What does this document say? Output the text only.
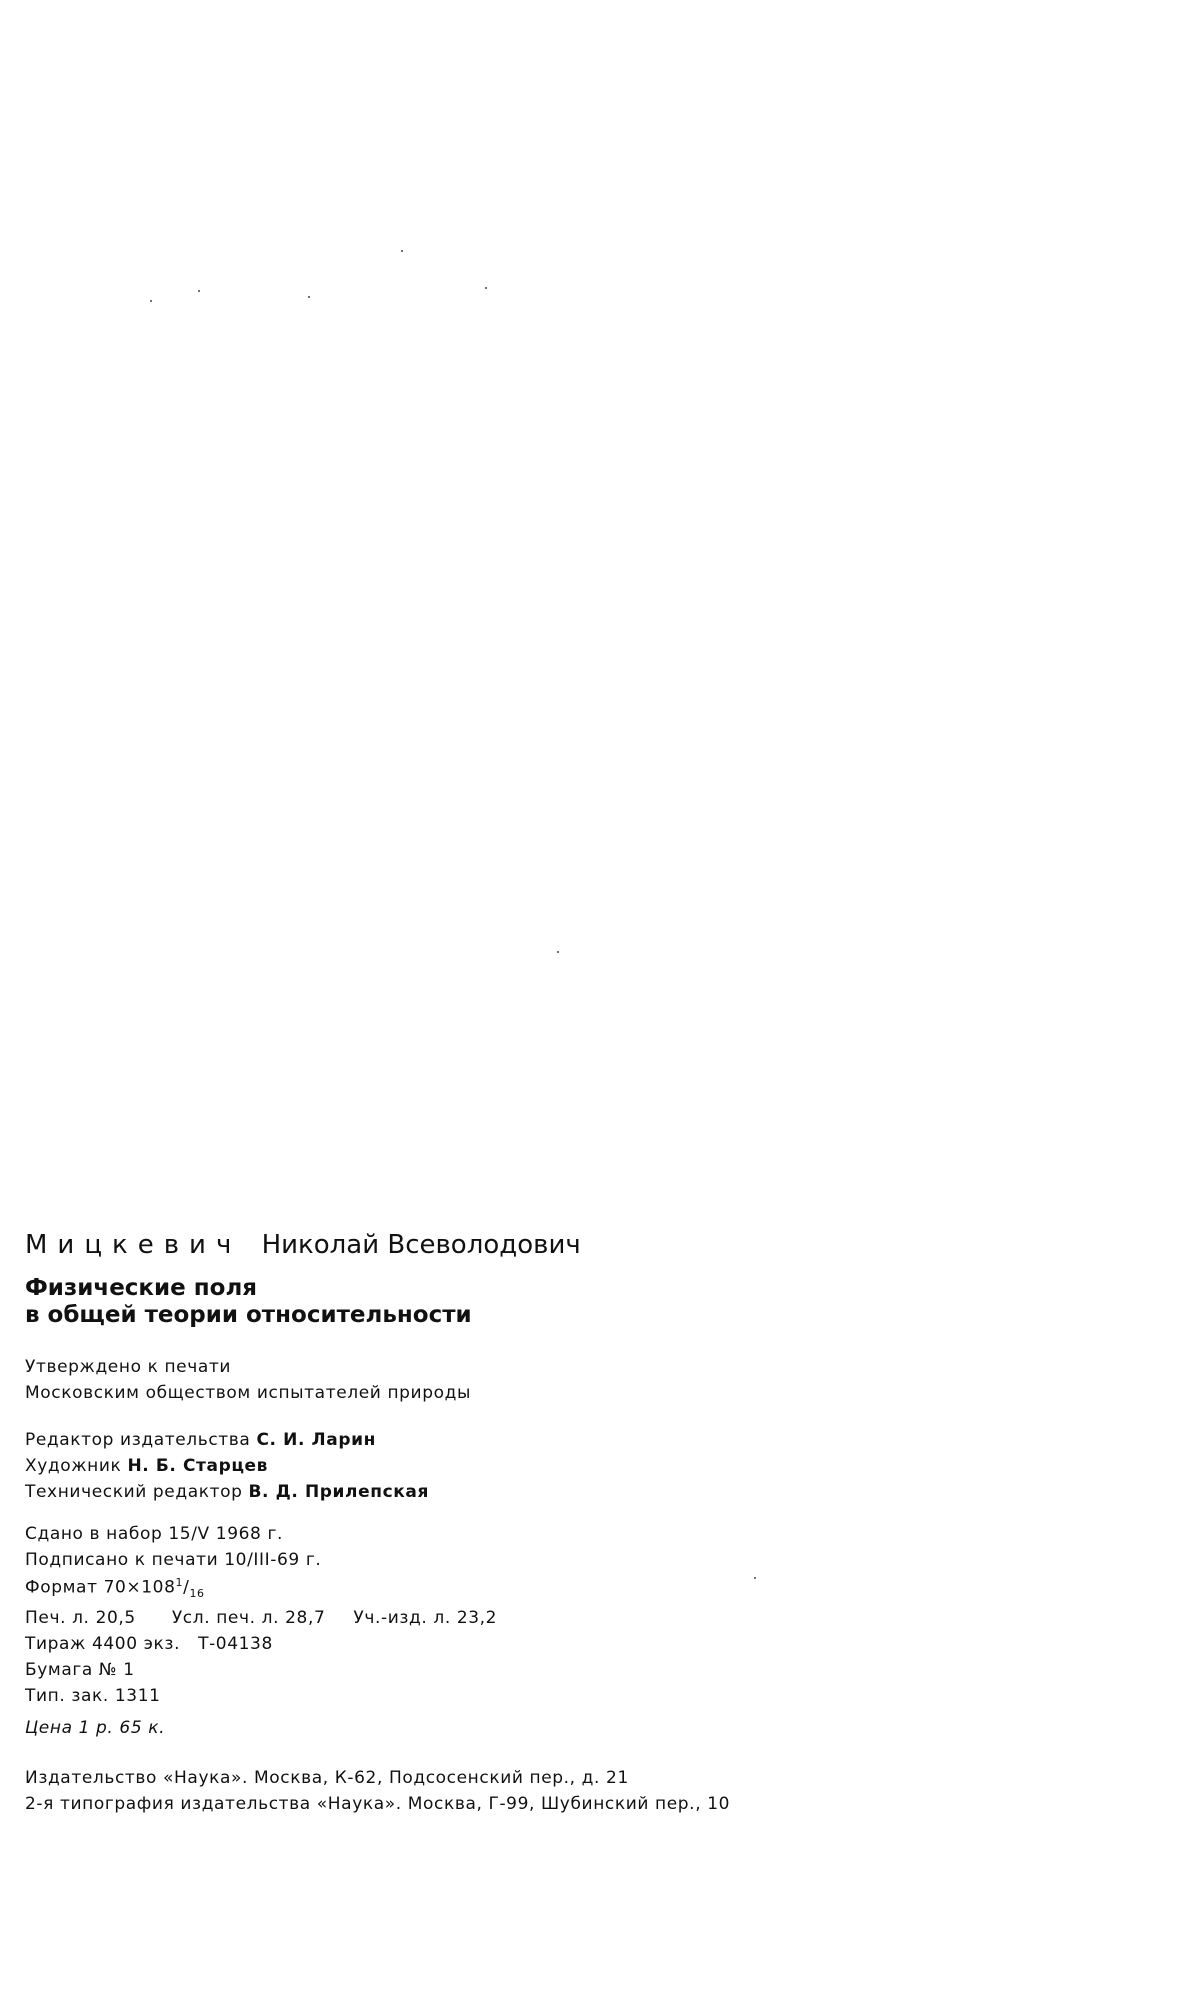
Мицкевич Николай Всеволодович
Физические поля
в общей теории относительности
Утверждено к печати
Московским обществом испытателей природы
Редактор издательства С. И. Ларин
Художник Н. Б. Старцев
Технический редактор В. Д. Прилепская
Сдано в набор 15/V 1968 г.
Подписано к печати 10/III-69 г.
Формат $70\times 108^1/_{16}$
Печ. л. 20,5 Усл. печ. л. 28,7 Уч.-изд. л. 23,2
Тираж 4400 экз. Т-04138
Бумага № 1
Тип. зак. 1311
Цена 1 р. 65 к.
Издательство «Наука». Москва, К-62, Подсосенский пер., д. 21
2-я типография издательства «Наука». Москва, Г-99, Шубинский пер., 10
